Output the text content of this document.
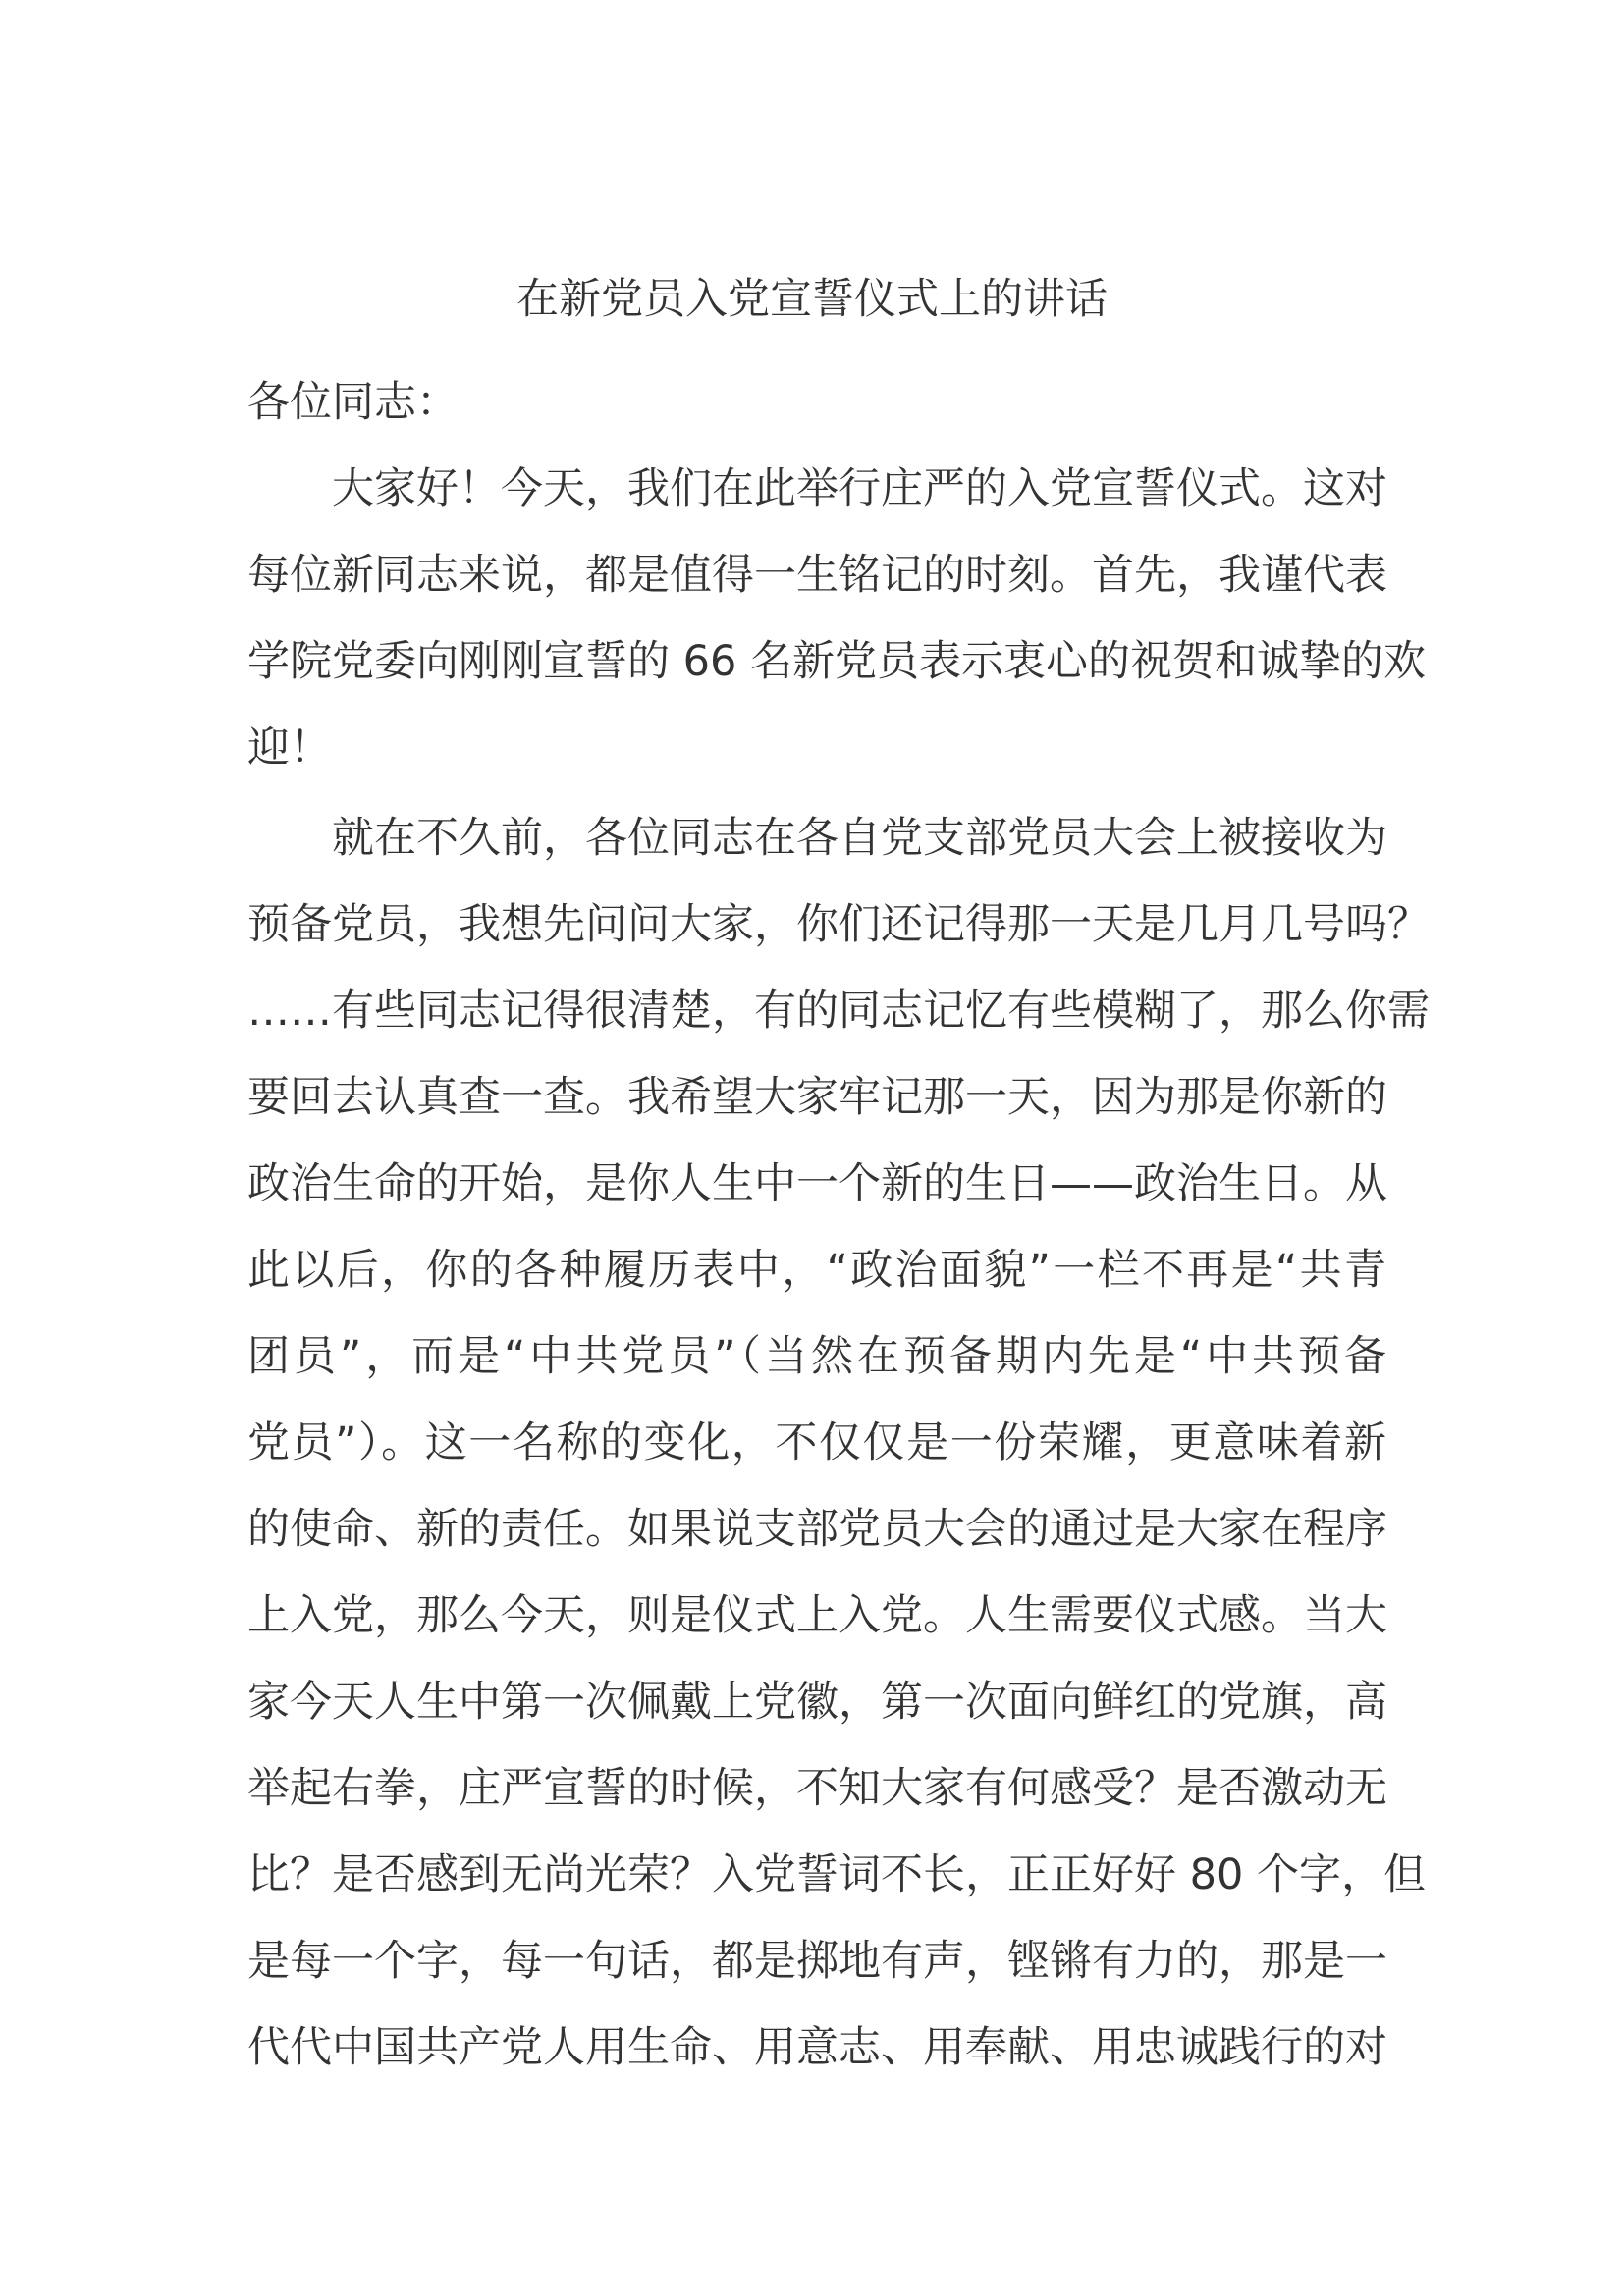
在新党员入党宣誓仪式上的讲话
各位同志：
大家好！今天，我们在此举行庄严的入党宣誓仪式。这对
每位新同志来说，都是值得一生铭记的时刻。首先，我谨代表
学院党委向刚刚宣誓的 66 名新党员表示衷心的祝贺和诚挚的欢
迎！
就在不久前，各位同志在各自党支部党员大会上被接收为
预备党员，我想先问问大家，你们还记得那一天是几月几号吗？
……有些同志记得很清楚，有的同志记忆有些模糊了，那么你需
要回去认真查一查。我希望大家牢记那一天，因为那是你新的
政治生命的开始，是你人生中一个新的生日——政治生日。从
此以后，你的各种履历表中，“政治面貌”一栏不再是“共青
团员”，而是“中共党员”（当然在预备期内先是“中共预备
党员”）。这一名称的变化，不仅仅是一份荣耀，更意味着新
的使命、新的责任。如果说支部党员大会的通过是大家在程序
上入党，那么今天，则是仪式上入党。人生需要仪式感。当大
家今天人生中第一次佩戴上党徽，第一次面向鲜红的党旗，高
举起右拳，庄严宣誓的时候，不知大家有何感受？是否激动无
比？是否感到无尚光荣？入党誓词不长，正正好好 80 个字，但
是每一个字，每一句话，都是掷地有声，铿锵有力的，那是一
代代中国共产党人用生命、用意志、用奉献、用忠诚践行的对
